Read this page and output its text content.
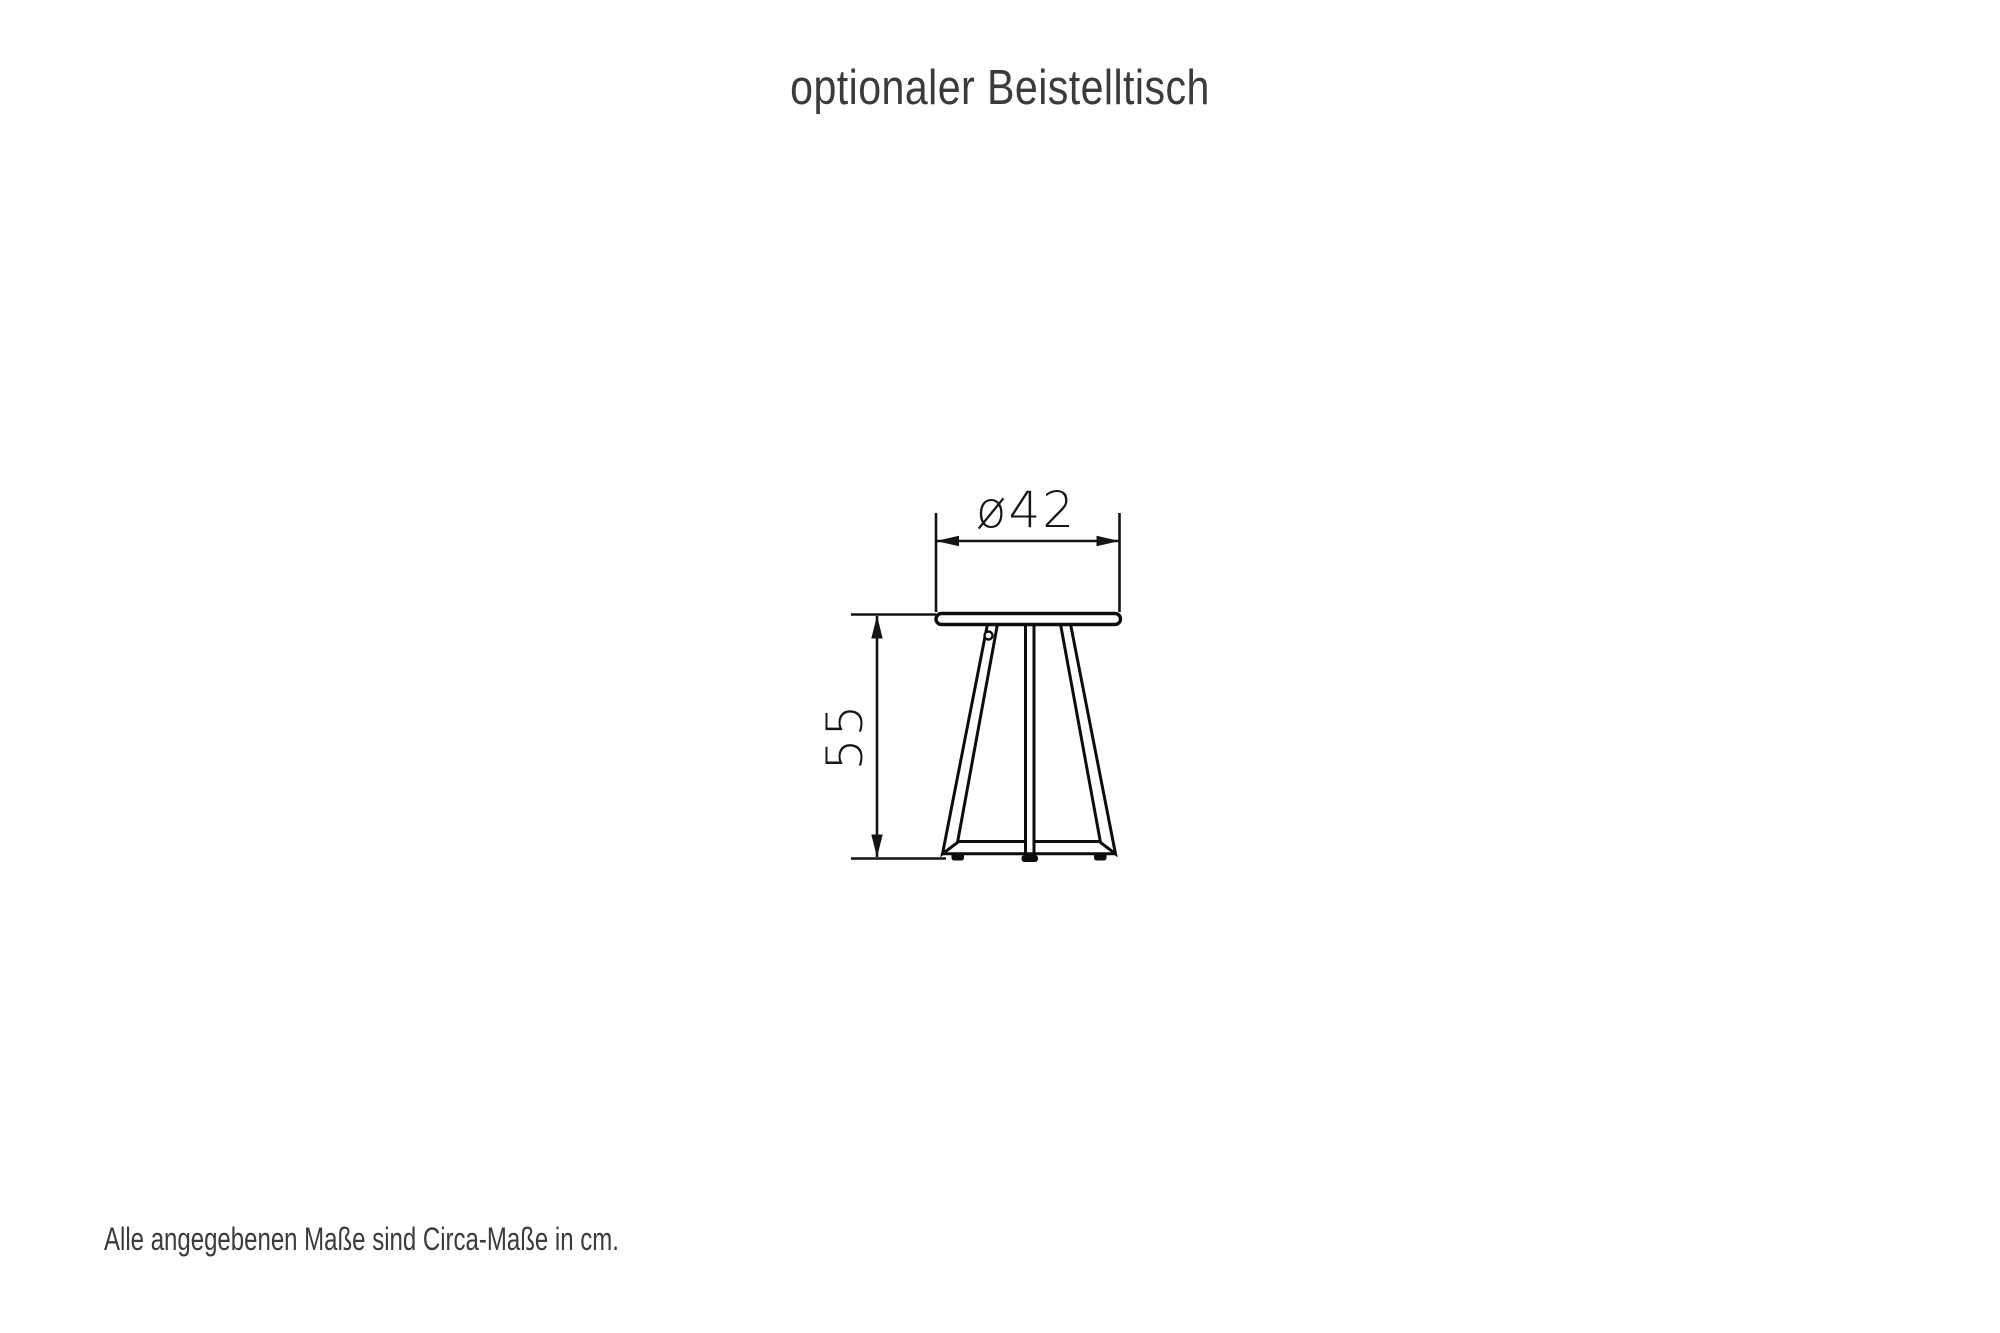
optionaler Beistelltisch
ø42
55
Alle angegebenen Maße sind Circa-Maße in cm.
